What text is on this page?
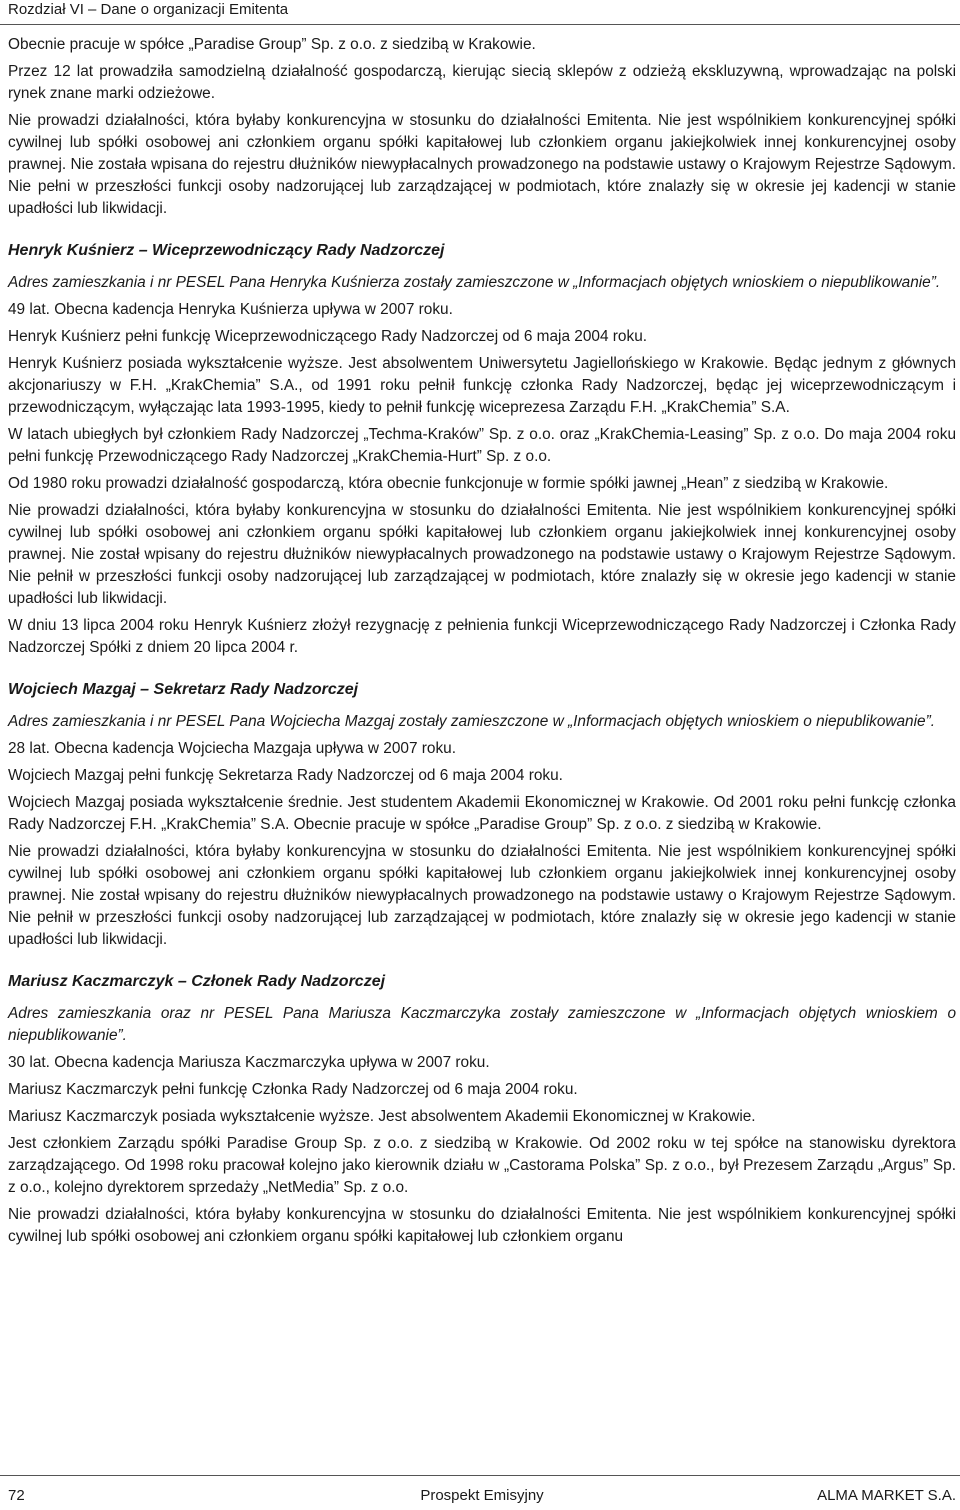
Rozdział VI – Dane o organizacji Emitenta

Obecnie pracuje w spółce „Paradise Group” Sp. z o.o. z siedzibą w Krakowie.

Przez 12 lat prowadziła samodzielną działalność gospodarczą, kierując siecią sklepów z odzieżą ekskluzywną, wprowadzając na polski rynek znane marki odzieżowe.

Nie prowadzi działalności, która byłaby konkurencyjna w stosunku do działalności Emitenta. Nie jest wspólnikiem konkurencyjnej spółki cywilnej lub spółki osobowej ani członkiem organu spółki kapitałowej lub członkiem organu jakiejkolwiek innej konkurencyjnej osoby prawnej. Nie została wpisana do rejestru dłużników niewypłacalnych prowadzonego na podstawie ustawy o Krajowym Rejestrze Sądowym. Nie pełni w przeszłości funkcji osoby nadzorującej lub zarządzającej w podmiotach, które znalazły się w okresie jej kadencji w stanie upadłości lub likwidacji.

Henryk Kuśnierz – Wiceprzewodniczący Rady Nadzorczej

Adres zamieszkania i nr PESEL Pana Henryka Kuśnierza zostały zamieszczone w „Informacjach objętych wnioskiem o niepublikowanie”.

49 lat. Obecna kadencja Henryka Kuśnierza upływa w 2007 roku.

Henryk Kuśnierz pełni funkcję Wiceprzewodniczącego Rady Nadzorczej od 6 maja 2004 roku.

Henryk Kuśnierz posiada wykształcenie wyższe. Jest absolwentem Uniwersytetu Jagiellońskiego w Krakowie. Będąc jednym z głównych akcjonariuszy w F.H. „KrakChemia” S.A., od 1991 roku pełnił funkcję członka Rady Nadzorczej, będąc jej wiceprzewodniczącym i przewodniczącym, wyłączając lata 1993-1995, kiedy to pełnił funkcję wiceprezesa Zarządu F.H. „KrakChemia” S.A.

W latach ubiegłych był członkiem Rady Nadzorczej „Techma-Kraków” Sp. z o.o. oraz „KrakChemia-Leasing” Sp. z o.o. Do maja 2004 roku pełni funkcję Przewodniczącego Rady Nadzorczej „KrakChemia-Hurt” Sp. z o.o.

Od 1980 roku prowadzi działalność gospodarczą, która obecnie funkcjonuje w formie spółki jawnej „Hean” z siedzibą w Krakowie.

Nie prowadzi działalności, która byłaby konkurencyjna w stosunku do działalności Emitenta. Nie jest wspólnikiem konkurencyjnej spółki cywilnej lub spółki osobowej ani członkiem organu spółki kapitałowej lub członkiem organu jakiejkolwiek innej konkurencyjnej osoby prawnej. Nie został wpisany do rejestru dłużników niewypłacalnych prowadzonego na podstawie ustawy o Krajowym Rejestrze Sądowym. Nie pełnił w przeszłości funkcji osoby nadzorującej lub zarządzającej w podmiotach, które znalazły się w okresie jego kadencji w stanie upadłości lub likwidacji.

W dniu 13 lipca 2004 roku Henryk Kuśnierz złożył rezygnację z pełnienia funkcji Wiceprzewodniczącego Rady Nadzorczej i Członka Rady Nadzorczej Spółki z dniem 20 lipca 2004 r.

Wojciech Mazgaj – Sekretarz Rady Nadzorczej

Adres zamieszkania i nr PESEL Pana Wojciecha Mazgaj zostały zamieszczone w „Informacjach objętych wnioskiem o niepublikowanie”.

28 lat. Obecna kadencja Wojciecha Mazgaja upływa w 2007 roku.

Wojciech Mazgaj pełni funkcję Sekretarza Rady Nadzorczej od 6 maja 2004 roku.

Wojciech Mazgaj posiada wykształcenie średnie. Jest studentem Akademii Ekonomicznej w Krakowie. Od 2001 roku pełni funkcję członka Rady Nadzorczej F.H. „KrakChemia” S.A. Obecnie pracuje w spółce „Paradise Group” Sp. z o.o. z siedzibą w Krakowie.

Nie prowadzi działalności, która byłaby konkurencyjna w stosunku do działalności Emitenta. Nie jest wspólnikiem konkurencyjnej spółki cywilnej lub spółki osobowej ani członkiem organu spółki kapitałowej lub członkiem organu jakiejkolwiek innej konkurencyjnej osoby prawnej. Nie został wpisany do rejestru dłużników niewypłacalnych prowadzonego na podstawie ustawy o Krajowym Rejestrze Sądowym. Nie pełnił w przeszłości funkcji osoby nadzorującej lub zarządzającej w podmiotach, które znalazły się w okresie jego kadencji w stanie upadłości lub likwidacji.

Mariusz Kaczmarczyk – Członek Rady Nadzorczej

Adres zamieszkania oraz nr PESEL Pana Mariusza Kaczmarczyka zostały zamieszczone w „Informacjach objętych wnioskiem o niepublikowanie”.

30 lat. Obecna kadencja Mariusza Kaczmarczyka upływa w 2007 roku.

Mariusz Kaczmarczyk pełni funkcję Członka Rady Nadzorczej od 6 maja 2004 roku.

Mariusz Kaczmarczyk posiada wykształcenie wyższe. Jest absolwentem Akademii Ekonomicznej w Krakowie.

Jest członkiem Zarządu spółki Paradise Group Sp. z o.o. z siedzibą w Krakowie. Od 2002 roku w tej spółce na stanowisku dyrektora zarządzającego. Od 1998 roku pracował kolejno jako kierownik działu w „Castorama Polska” Sp. z o.o., był Prezesem Zarządu „Argus” Sp. z o.o., kolejno dyrektorem sprzedaży „NetMedia” Sp. z o.o.

Nie prowadzi działalności, która byłaby konkurencyjna w stosunku do działalności Emitenta. Nie jest wspólnikiem konkurencyjnej spółki cywilnej lub spółki osobowej ani członkiem organu spółki kapitałowej lub członkiem organu

Prospekt Emisyjny
72	ALMA MARKET S.A.
